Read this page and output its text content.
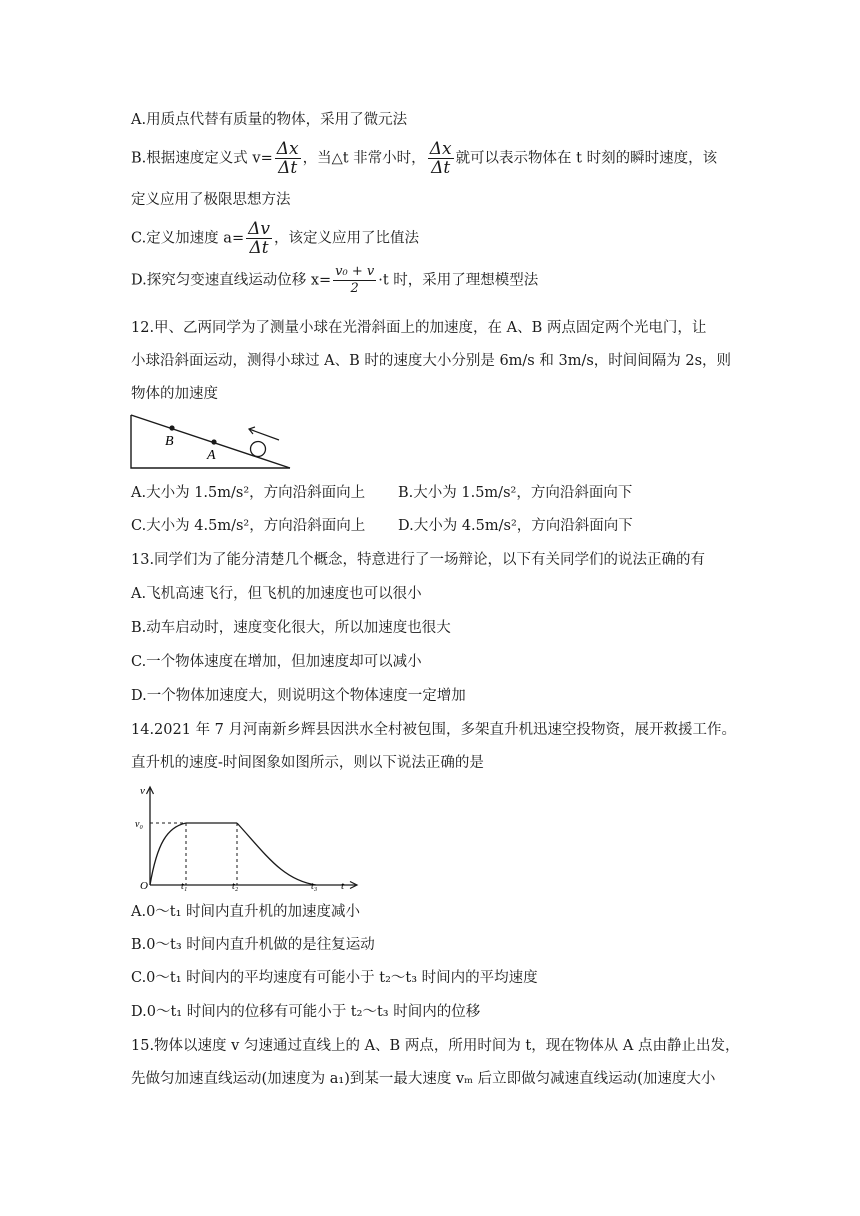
A.用质点代替有质量的物体，采用了微元法
B.根据速度定义式 $v= \frac{\Delta x}{\Delta t}$ ，当△t 非常小时， $\frac{\Delta x}{\Delta t}$ 就可以表示物体在 t 时刻的瞬时速度，该
定义应用了极限思想方法
C.定义加速度 $a= \frac{\Delta v}{\Delta t}$ ，该定义应用了比值法
D.探究匀变速直线运动位移 $x= \frac{\text{v₀ + v}}{2} \cdot t$ 时，采用了理想模型法
12.甲、乙两同学为了测量小球在光滑斜面上的加速度，在 A、B 两点固定两个光电门，让
小球沿斜面运动，测得小球过 A、B 时的速度大小分别是 6m/s 和 3m/s，时间间隔为 2s，则
物体的加速度
B
A
A.大小为 1.5m/s²，方向沿斜面向上 B.大小为 1.5m/s²，方向沿斜面向下
C.大小为 4.5m/s²，方向沿斜面向上 D.大小为 4.5m/s²，方向沿斜面向下
13.同学们为了能分清楚几个概念，特意进行了一场辩论，以下有关同学们的说法正确的有
A.飞机高速飞行，但飞机的加速度也可以很小
B.动车启动时，速度变化很大，所以加速度也很大
C.一个物体速度在增加，但加速度却可以减小
D.一个物体加速度大，则说明这个物体速度一定增加
14.2021 年 7 月河南新乡辉县因洪水全村被包围，多架直升机迅速空投物资，展开救援工作。
直升机的速度-时间图象如图所示，则以下说法正确的是
v
v₀
O	t₁	t₂	t₃ t
A.0～t₁ 时间内直升机的加速度减小
B.0～t₃ 时间内直升机做的是往复运动
C.0～t₁ 时间内的平均速度有可能小于 t₂～t₃ 时间内的平均速度
D.0～t₁ 时间内的位移有可能小于 t₂～t₃ 时间内的位移
15.物体以速度 v 匀速通过直线上的 A、B 两点，所用时间为 t，现在物体从 A 点由静止出发，
先做匀加速直线运动(加速度为 a₁)到某一最大速度 vₘ 后立即做匀减速直线运动(加速度大小
